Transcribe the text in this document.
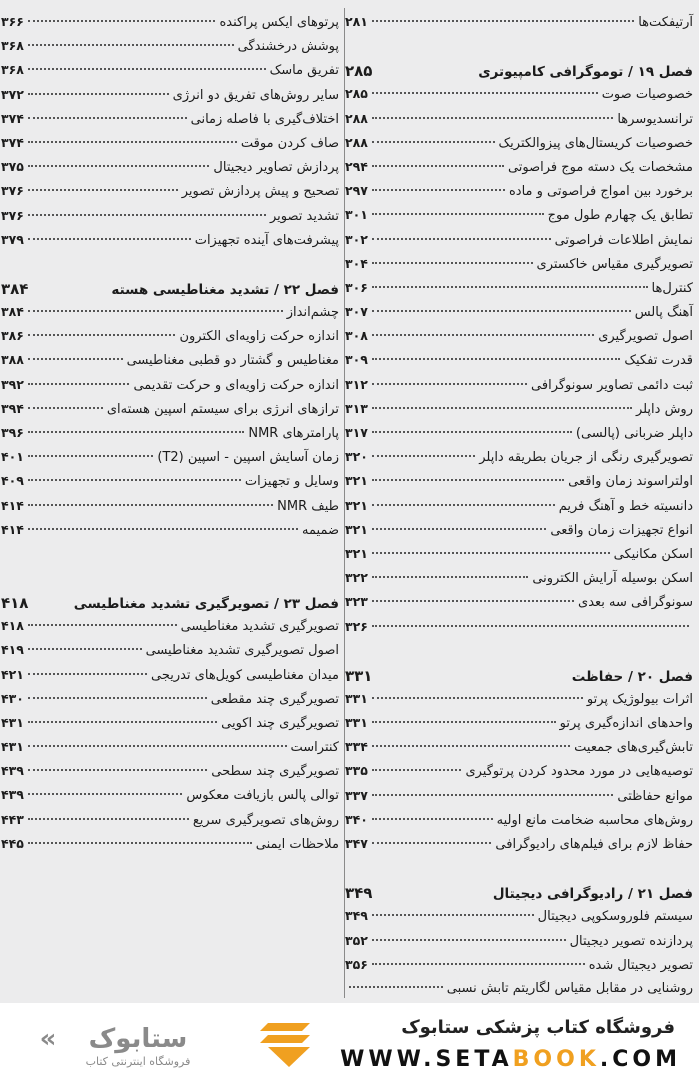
آرتیفکت‌ها
۲۸۱
فصل ۱۹ / توموگرافی کامپیوتری
۲۸۵
خصوصیات صوت
۲۸۵
ترانسدیوسرها
۲۸۸
خصوصیات کریستال‌های پیزوالکتریک
۲۸۸
مشخصات یک دسته موج فراصوتی
۲۹۴
برخورد بین امواج فراصوتی و ماده
۲۹۷
تطابق یک چهارم طول موج
۳۰۱
نمایش اطلاعات فراصوتی
۳۰۲
تصویرگیری مقیاس خاکستری
۳۰۴
کنترل‌ها
۳۰۶
آهنگ پالس
۳۰۷
اصول تصویرگیری
۳۰۸
قدرت تفکیک
۳۰۹
ثبت دائمی تصاویر سونوگرافی
۳۱۲
روش داپلر
۳۱۳
داپلر ضربانی (پالسی)
۳۱۷
تصویرگیری رنگی از جریان بطریقه داپلر
۳۲۰
اولتراسوند زمان واقعی
۳۲۱
دانسیته خط و آهنگ فریم
۳۲۱
انواع تجهیزات زمان واقعی
۳۲۱
اسکن مکانیکی
۳۲۱
اسکن بوسیله آرایش الکترونی
۳۲۲
سونوگرافی سه بعدی
۳۲۳
۳۲۶
فصل ۲۰ / حفاظت
۳۳۱
اثرات بیولوژیک پرتو
۳۳۱
واحدهای اندازه‌گیری پرتو
۳۳۱
تابش‌گیری‌های جمعیت
۳۳۴
توصیه‌هایی در مورد محدود کردن پرتوگیری
۳۳۵
موانع حفاظتی
۳۳۷
روش‌های محاسبه ضخامت مانع اولیه
۳۴۰
حفاظ لازم برای فیلم‌های رادیوگرافی
۳۴۷
فصل ۲۱ / رادیوگرافی دیجیتال
۳۴۹
سیستم فلوروسکوپی دیجیتال
۳۴۹
پردازنده تصویر دیجیتال
۳۵۲
تصویر دیجیتال شده
۳۵۶
روشنایی در مقابل مقیاس لگاریتم تابش نسبی
پرتوهای ایکس پراکنده
۳۶۶
پوشش درخشندگی
۳۶۸
تفریق ماسک
۳۶۸
سایر روش‌های تفریق دو انرژی
۳۷۲
اختلاف‌گیری با فاصله زمانی
۳۷۴
صاف کردن موقت
۳۷۴
پردازش تصاویر دیجیتال
۳۷۵
تصحیح و پیش پردازش تصویر
۳۷۶
تشدید تصویر
۳۷۶
پیشرفت‌های آینده تجهیزات
۳۷۹
فصل ۲۲ / تشدید مغناطیسی هسته
۳۸۴
چشم‌انداز
۳۸۴
اندازه حرکت زاویه‌ای الکترون
۳۸۶
مغناطیس و گشتار دو قطبی مغناطیسی
۳۸۸
اندازه حرکت زاویه‌ای و حرکت تقدیمی
۳۹۲
ترازهای انرژی برای سیستم اسپین هسته‌ای
۳۹۴
پارامترهای NMR
۳۹۶
زمان آسایش اسپین - اسپین (T2)
۴۰۱
وسایل و تجهیزات
۴۰۹
طیف NMR
۴۱۴
ضمیمه
۴۱۴
فصل ۲۳ / تصویرگیری تشدید مغناطیسی
۴۱۸
تصویرگیری تشدید مغناطیسی
۴۱۸
اصول تصویرگیری تشدید مغناطیسی
۴۱۹
میدان مغناطیسی کویل‌های تدریجی
۴۲۱
تصویرگیری چند مقطعی
۴۳۰
تصویرگیری چند اکویی
۴۳۱
کنتراست
۴۳۱
تصویرگیری چند سطحی
۴۳۹
توالی پالس بازیافت معکوس
۴۳۹
روش‌های تصویرگیری سریع
۴۴۳
ملاحظات ایمنی
۴۴۵
ستابوک
فروشگاه اینترنتی کتاب
«	فروشگاه کتاب پزشکی ستابوک
WWW.SETABOOK.COM
